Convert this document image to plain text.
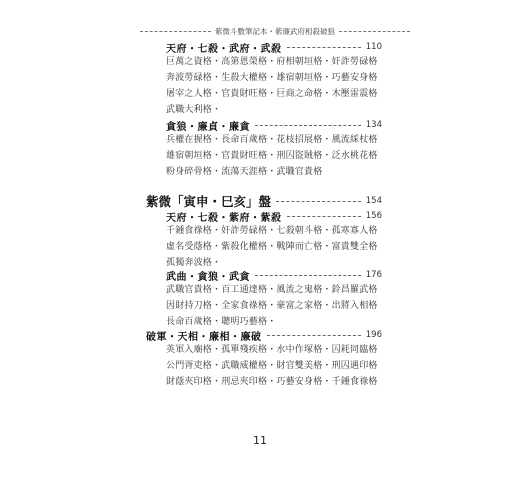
紫微斗數筆記本・紫廉武府相殺破狼
天府・七殺・武府・武殺	110
巨萬之資格・高第恩榮格・府相朝垣格・奸詐勞碌格
奔波勞碌格・生殺大權格・雄宿朝垣格・巧藝安身格
屠宰之人格・官貴財旺格・巨商之命格・木壓雷震格
武職大利格・
貪狼・廉貞・廉貪	134
兵權在握格・長命百歲格・花枝招展格・風流綵杖格
雄宿朝垣格・官貴財旺格・刑囚盜賊格・泛水桃花格
粉身碎骨格・流蕩天涯格・武職官貴格
紫微「寅申・巳亥」盤	154
天府・七殺・紫府・紫殺	156
千鍾食祿格・奸詐勞碌格・七殺朝斗格・孤寒寡人格
虛名受蔭格・紫殺化權格・戰陣而亡格・富貴雙全格
孤獨奔波格・
武曲・貪狼・武貪	176
武職官貴格・百工通達格・風流之鬼格・鈴昌羅武格
因財持刀格・全家食祿格・豪富之家格・出將入相格
長命百歲格・聰明巧藝格・
破軍・天相・廉相・廉破	196
英軍入廟格・孤單殘疾格・水中作塚格・囚耗同臨格
公門胥吏格・武職威權格・財官雙美格・刑囚遇印格
財蔭夾印格・刑忌夾印格・巧藝安身格・千鍾食祿格
11
